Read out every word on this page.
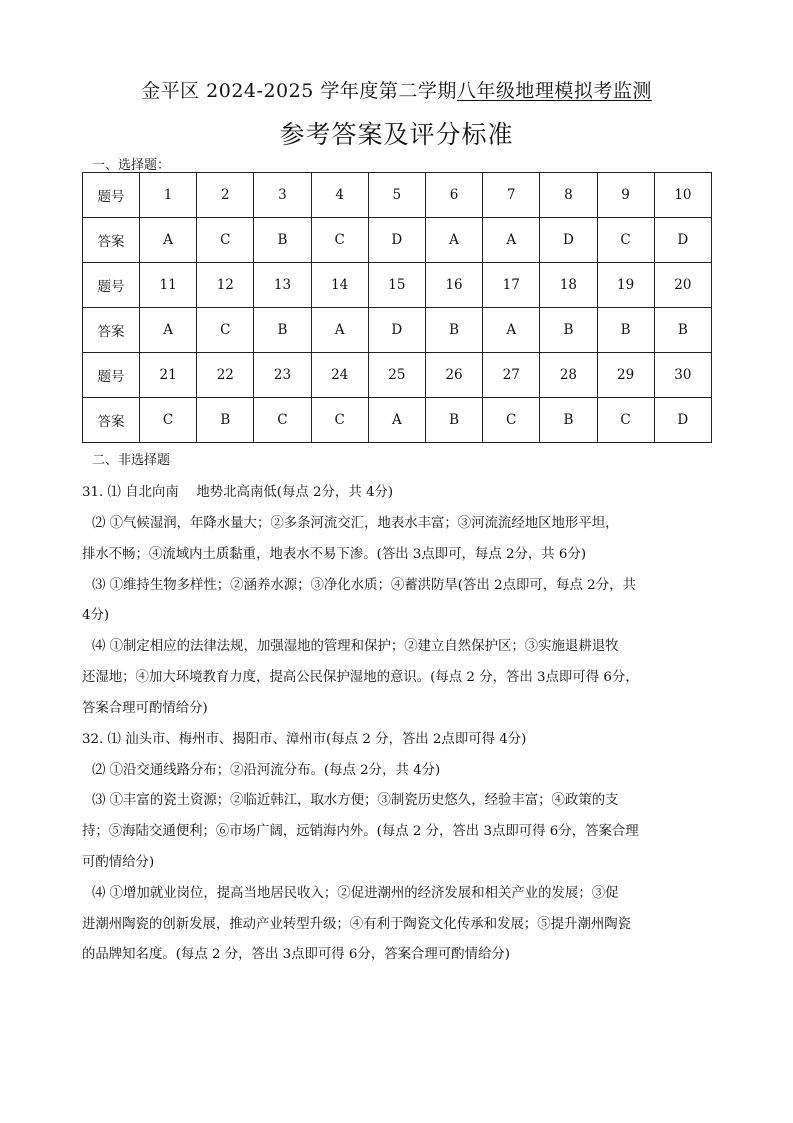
金平区 2024-2025 学年度第二学期八年级地理模拟考监测
参考答案及评分标准
一、选择题：
题号	1	2	3	4	5	6	7	8	9	10
答案	A	C	B	C	D	A	A	D	C	D
题号	11	12	13	14	15	16	17	18	19	20
答案	A	C	B	A	D	B	A	B	B	B
题号	21	22	23	24	25	26	27	28	29	30
答案	C	B	C	C	A	B	C	B	C	D
二、非选择题
31. ⑴ 自北向南　 地势北高南低(每点 2分，共 4分)
⑵ ①气候湿润，年降水量大；②多条河流交汇，地表水丰富；③河流流经地区地形平坦，
排水不畅；④流域内土质黏重，地表水不易下渗。(答出 3点即可，每点 2分，共 6分)
⑶ ①维持生物多样性；②涵养水源；③净化水质；④蓄洪防旱(答出 2点即可，每点 2分，共
4分)
⑷ ①制定相应的法律法规，加强湿地的管理和保护；②建立自然保护区；③实施退耕退牧
还湿地；④加大环境教育力度，提高公民保护湿地的意识。(每点 2 分，答出 3点即可得 6分，
答案合理可酌情给分)
32. ⑴ 汕头市、梅州市、揭阳市、漳州市(每点 2 分，答出 2点即可得 4分)
⑵ ①沿交通线路分布；②沿河流分布。(每点 2分，共 4分)
⑶ ①丰富的瓷土资源；②临近韩江，取水方便；③制瓷历史悠久，经验丰富；④政策的支
持；⑤海陆交通便利；⑥市场广阔，远销海内外。(每点 2 分，答出 3点即可得 6分，答案合理
可酌情给分)
⑷ ①增加就业岗位，提高当地居民收入；②促进潮州的经济发展和相关产业的发展；③促
进潮州陶瓷的创新发展，推动产业转型升级；④有利于陶瓷文化传承和发展；⑤提升潮州陶瓷
的品牌知名度。(每点 2 分，答出 3点即可得 6分，答案合理可酌情给分)
